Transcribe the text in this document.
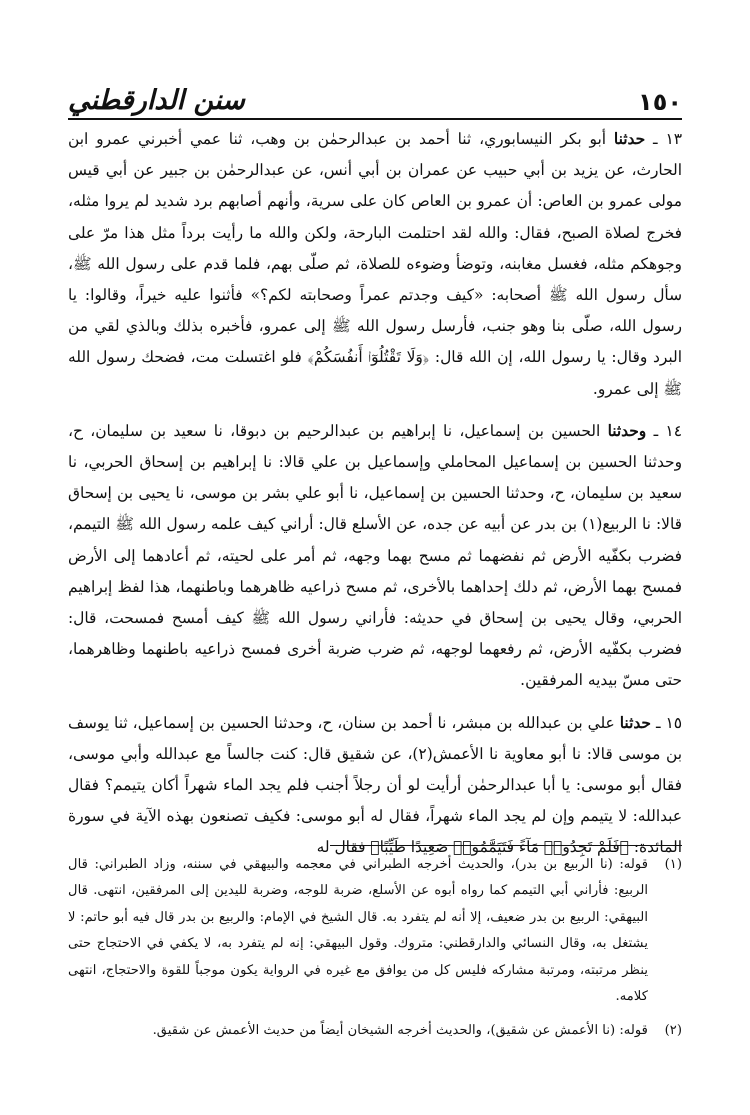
١٥٠
سنن الدارقطني

١٣ ـ حدثنا أبو بكر النيسابوري، ثنا أحمد بن عبدالرحمٰن بن وهب، ثنا عمي أخبرني عمرو ابن الحارث، عن يزيد بن أبي حبيب عن عمران بن أبي أنس، عن عبدالرحمٰن بن جبير عن أبي قيس مولى عمرو بن العاص: أن عمرو بن العاص كان على سرية، وأنهم أصابهم برد شديد لم يروا مثله، فخرج لصلاة الصبح، فقال: والله لقد احتلمت البارحة، ولكن والله ما رأيت برداً مثل هذا مرّ على وجوهكم مثله، فغسل مغابنه، وتوضأ وضوءه للصلاة، ثم صلّى بهم، فلما قدم على رسول الله ﷺ، سأل رسول الله ﷺ أصحابه: «كيف وجدتم عمراً وصحابته لكم؟» فأثنوا عليه خيراً، وقالوا: يا رسول الله، صلّى بنا وهو جنب، فأرسل رسول الله ﷺ إلى عمرو، فأخبره بذلك وبالذي لقي من البرد وقال: يا رسول الله، إن الله قال: ﴿وَلَا تَقْتُلُوٓا۟ أَنفُسَكُمْ﴾ فلو اغتسلت مت، فضحك رسول الله ﷺ إلى عمرو.

١٤ ـ وحدثنا الحسين بن إسماعيل، نا إبراهيم بن عبدالرحيم بن دبوقا، نا سعيد بن سليمان، ح، وحدثنا الحسين بن إسماعيل المحاملي وإسماعيل بن علي قالا: نا إبراهيم بن إسحاق الحربي، نا سعيد بن سليمان، ح، وحدثنا الحسين بن إسماعيل، نا أبو علي بشر بن موسى، نا يحيى بن إسحاق قالا: نا الربيع(١) بن بدر عن أبيه عن جده، عن الأسلع قال: أراني كيف علمه رسول الله ﷺ التيمم، فضرب بكفّيه الأرض ثم نفضهما ثم مسح بهما وجهه، ثم أمر على لحيته، ثم أعادهما إلى الأرض فمسح بهما الأرض، ثم دلك إحداهما بالأخرى، ثم مسح ذراعيه ظاهرهما وباطنهما، هذا لفظ إبراهيم الحربي، وقال يحيى بن إسحاق في حديثه: فأراني رسول الله ﷺ كيف أمسح فمسحت، قال: فضرب بكفّيه الأرض، ثم رفعهما لوجهه، ثم ضرب ضربة أخرى فمسح ذراعيه باطنهما وظاهرهما، حتى مسّ بيديه المرفقين.

١٥ ـ حدثنا علي بن عبدالله بن مبشر، نا أحمد بن سنان، ح، وحدثنا الحسين بن إسماعيل، ثنا يوسف بن موسى قالا: نا أبو معاوية نا الأعمش(٢)، عن شقيق قال: كنت جالساً مع عبدالله وأبي موسى، فقال أبو موسى: يا أبا عبدالرحمٰن أرأيت لو أن رجلاً أجنب فلم يجد الماء شهراً أكان يتيمم؟ فقال عبدالله: لا يتيمم وإن لم يجد الماء شهراً، فقال له أبو موسى: فكيف تصنعون بهذه الآية في سورة المائدة: ﴿فَلَمْ تَجِدُوا۟ مَآءً فَتَيَمَّمُوا۟ صَعِيدًا طَيِّبًا﴾ فقال له

(١)
قوله: (نا الربيع بن بدر)، والحديث أخرجه الطبراني في معجمه والبيهقي في سننه، وزاد الطبراني: قال الربيع: فأراني أبي التيمم كما رواه أبوه عن الأسلع، ضربة للوجه، وضربة لليدين إلى المرفقين، انتهى. قال البيهقي: الربيع بن بدر ضعيف، إلا أنه لم يتفرد به. قال الشيخ في الإمام: والربيع بن بدر قال فيه أبو حاتم: لا يشتغل به، وقال النسائي والدارقطني: متروك. وقول البيهقي: إنه لم يتفرد به، لا يكفي في الاحتجاج حتى ينظر مرتبته، ومرتبة مشاركه فليس كل من يوافق مع غيره في الرواية يكون موجباً للقوة والاحتجاج، انتهى كلامه.

(٢)
قوله: (نا الأعمش عن شقيق)، والحديث أخرجه الشيخان أيضاً من حديث الأعمش عن شقيق.
